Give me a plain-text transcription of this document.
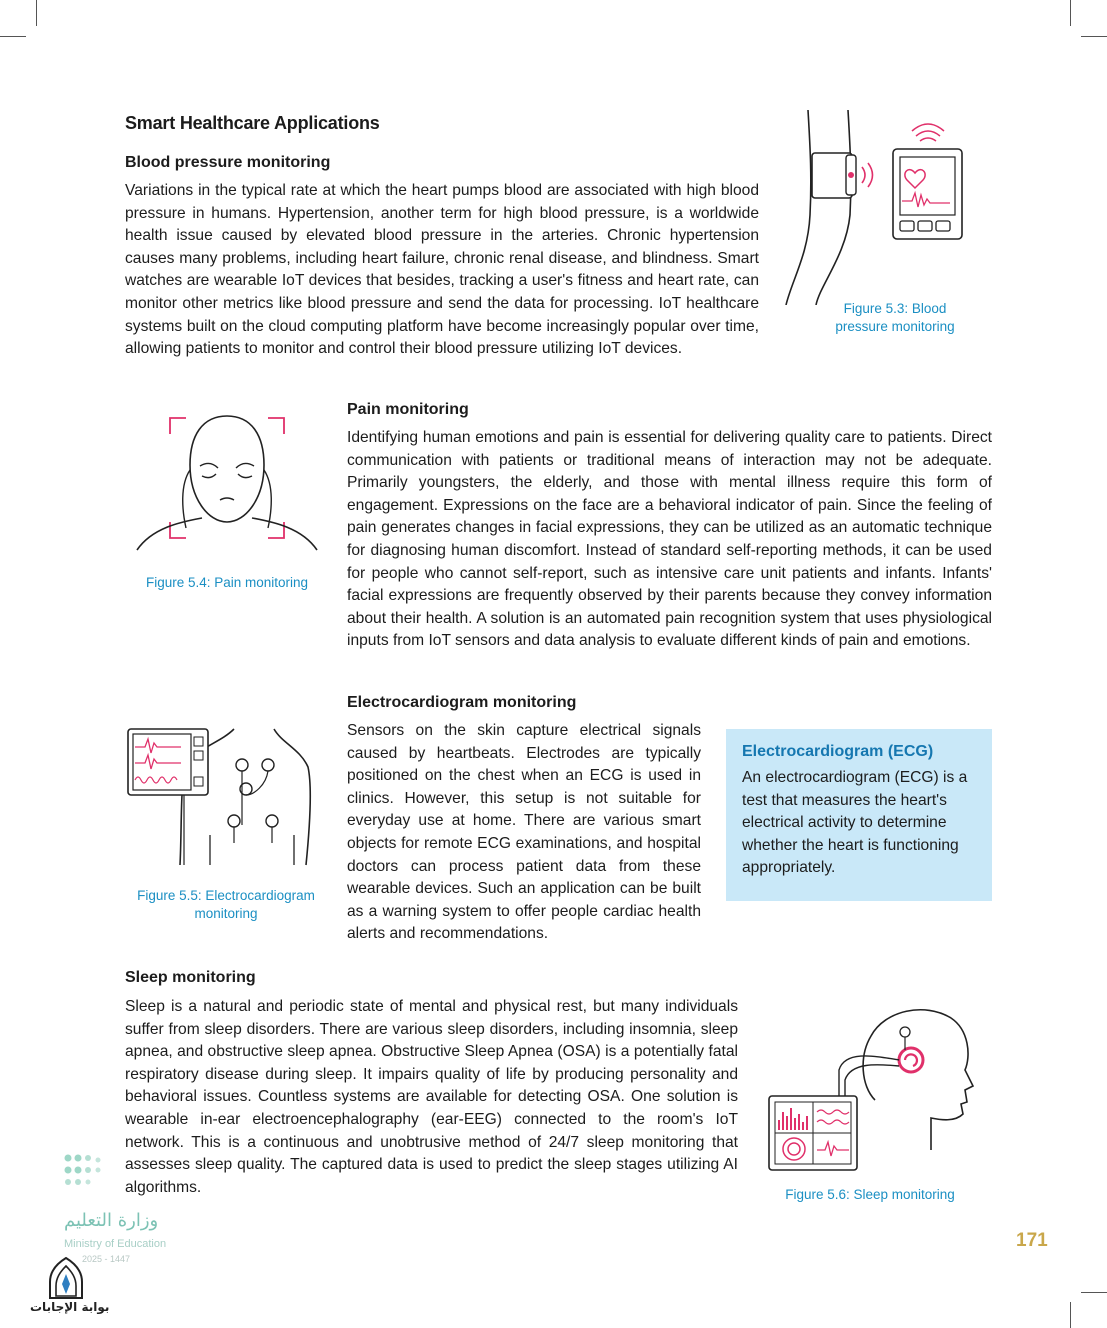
Smart Healthcare Applications
Blood pressure monitoring

Variations in the typical rate at which the heart pumps blood are associated with high blood pressure in humans. Hypertension, another term for high blood pressure, is a worldwide health issue caused by elevated blood pressure in the arteries. Chronic hypertension causes many problems, including heart failure, chronic renal disease, and blindness. Smart watches are wearable IoT devices that besides, tracking a user's fitness and heart rate, can monitor other metrics like blood pressure and send the data for processing. IoT healthcare systems built on the cloud computing platform have become increasingly popular over time, allowing patients to monitor and control their blood pressure utilizing IoT devices.

Figure 5.3: Blood pressure monitoring
Pain monitoring

Identifying human emotions and pain is essential for delivering quality care to patients. Direct communication with patients or traditional means of interaction may not be adequate. Primarily youngsters, the elderly, and those with mental illness require this form of engagement. Expressions on the face are a behavioral indicator of pain. Since the feeling of pain generates changes in facial expressions, they can be utilized as an automatic technique for diagnosing human discomfort. Instead of standard self-reporting methods, it can be used for people who cannot self-report, such as intensive care unit patients and infants. Infants' facial expressions are frequently observed by their parents because they convey information about their health. A solution is an automated pain recognition system that uses physiological inputs from IoT sensors and data analysis to evaluate different kinds of pain and emotions.

Figure 5.4: Pain monitoring
Electrocardiogram monitoring

Sensors on the skin capture electrical signals caused by heartbeats. Electrodes are typically positioned on the chest when an ECG is used in clinics. However, this setup is not suitable for everyday use at home. There are various smart objects for remote ECG examinations, and hospital doctors can process patient data from these wearable devices. Such an application can be built as a warning system to offer people cardiac health alerts and recommendations.

Figure 5.5: Electrocardiogram monitoring
Electrocardiogram (ECG)
An electrocardiogram (ECG) is a test that measures the heart's electrical activity to determine whether the heart is functioning appropriately.
Sleep monitoring

Sleep is a natural and periodic state of mental and physical rest, but many individuals suffer from sleep disorders. There are various sleep disorders, including insomnia, sleep apnea, and obstructive sleep apnea. Obstructive Sleep Apnea (OSA) is a potentially fatal respiratory disease during sleep. It impairs quality of life by producing personality and behavioral issues. Countless systems are available for detecting OSA. One solution is wearable in-ear electroencephalography (ear-EEG) connected to the room's IoT network. This is a continuous and unobtrusive method of 24/7 sleep monitoring that assesses sleep quality. The captured data is used to predict the sleep stages utilizing AI algorithms.	Figure 5.6: Sleep monitoring
171
وزارة التعليم
Ministry of Education
2025 - 1447
بوابة الإجابات
